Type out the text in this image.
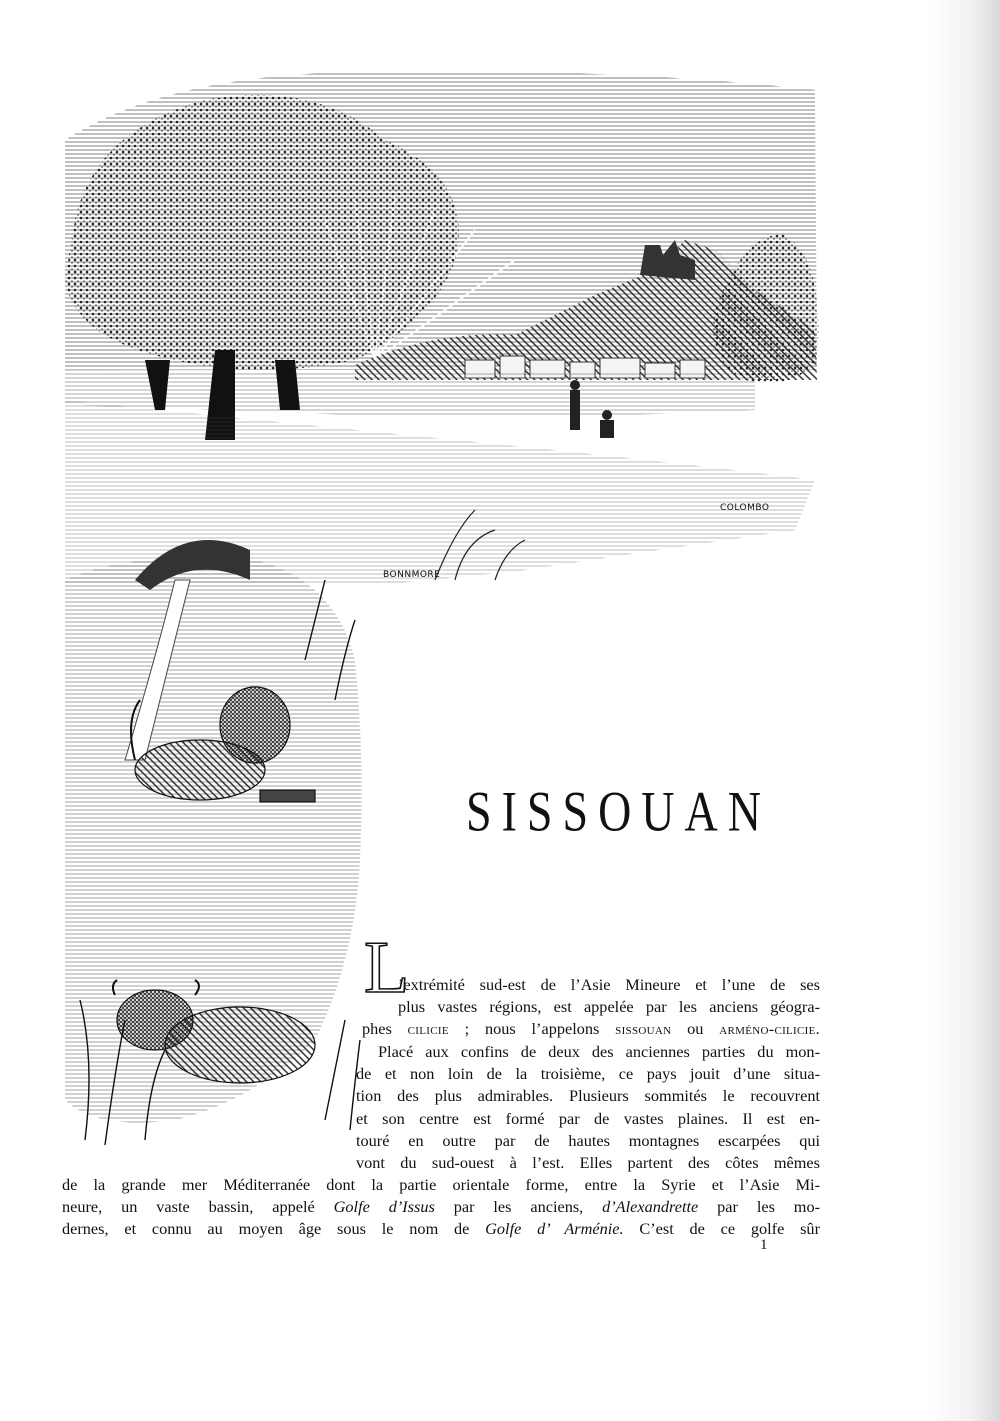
BONNMORE
COLOMBO
SISSOUAN
L
’extrémité sud-est de l’Asie Mineure et l’une de ses
plus vastes régions, est appelée par les anciens géogra-
phes cilicie ; nous l’appelons sissouan ou arméno-cilicie.
Placé aux confins de deux des anciennes parties du mon-
de et non loin de la troisième, ce pays jouit d’une situa-
tion des plus admirables. Plusieurs sommités le recouvrent
et son centre est formé par de vastes plaines. Il est en-
touré en outre par de hautes montagnes escarpées qui
vont du sud-ouest à l’est. Elles partent des côtes mêmes
de la grande mer Méditerranée dont la partie orientale forme, entre la Syrie et l’Asie Mi-
neure, un vaste bassin, appelé Golfe d’Issus par les anciens, d’Alexandrette par les mo-
dernes, et connu au moyen âge sous le nom de Golfe d’ Arménie. C’est de ce golfe sûr
1
